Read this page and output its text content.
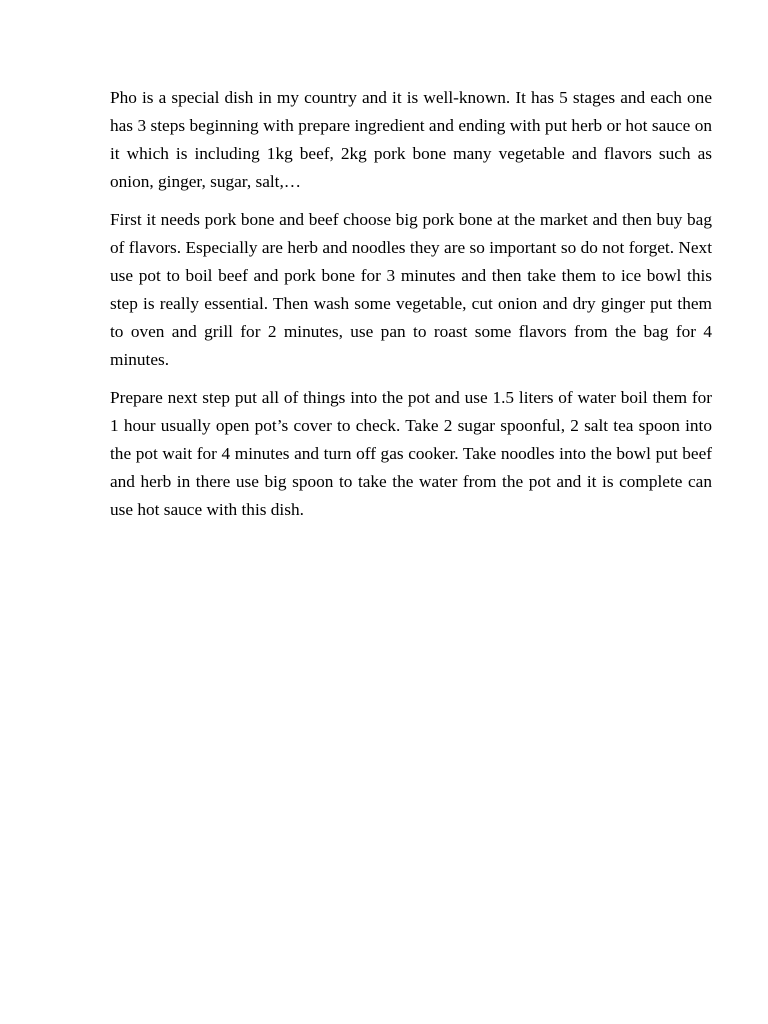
Pho is a special dish in my country and it is well-known. It has 5 stages and each one has 3 steps beginning with prepare ingredient and ending with put herb or hot sauce on it which is including 1kg beef, 2kg pork bone many vegetable and flavors such as onion, ginger, sugar, salt,…

First it needs pork bone and beef choose big pork bone at the market and then buy bag of flavors. Especially are herb and noodles they are so important so do not forget. Next use pot to boil beef and pork bone for 3 minutes and then take them to ice bowl this step is really essential. Then wash some vegetable, cut onion and dry ginger put them to oven and grill for 2 minutes, use pan to roast some flavors from the bag for 4 minutes.

Prepare next step put all of things into the pot and use 1.5 liters of water boil them for 1 hour usually open pot’s cover to check. Take 2 sugar spoonful, 2 salt tea spoon into the pot wait for 4 minutes and turn off gas cooker. Take noodles into the bowl put beef and herb in there use big spoon to take the water from the pot and it is complete can use hot sauce with this dish.
